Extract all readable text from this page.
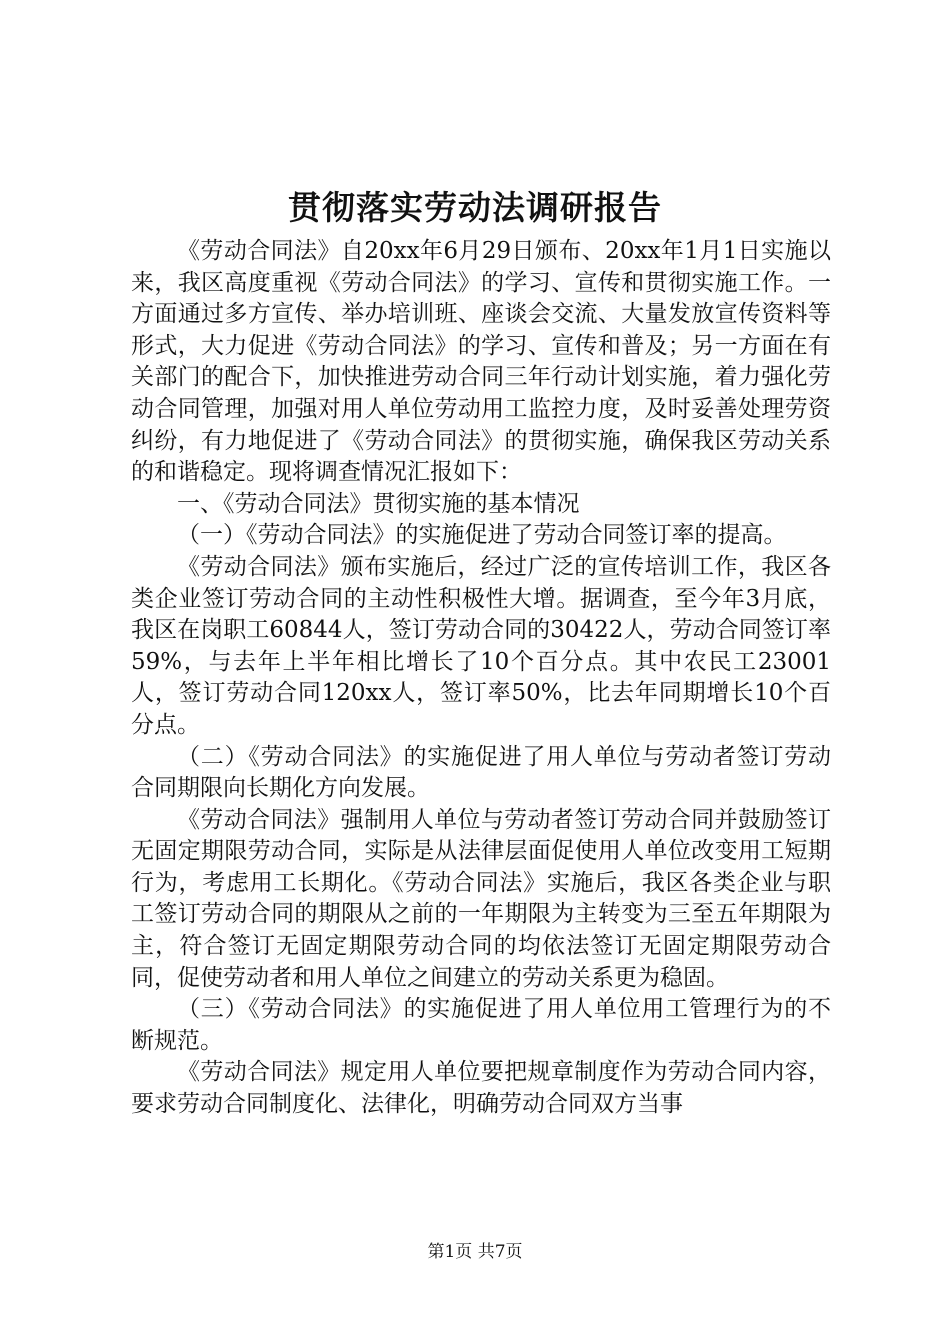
贯彻落实劳动法调研报告

《劳动合同法》自20xx年6月29日颁布、20xx年1月1日实施以来，我区高度重视《劳动合同法》的学习、宣传和贯彻实施工作。一方面通过多方宣传、举办培训班、座谈会交流、大量发放宣传资料等形式，大力促进《劳动合同法》的学习、宣传和普及；另一方面在有关部门的配合下，加快推进劳动合同三年行动计划实施，着力强化劳动合同管理，加强对用人单位劳动用工监控力度，及时妥善处理劳资纠纷，有力地促进了《劳动合同法》的贯彻实施，确保我区劳动关系的和谐稳定。现将调查情况汇报如下：

一、《劳动合同法》贯彻实施的基本情况

（一）《劳动合同法》的实施促进了劳动合同签订率的提高。

《劳动合同法》颁布实施后，经过广泛的宣传培训工作，我区各类企业签订劳动合同的主动性积极性大增。据调查，至今年3月底，我区在岗职工60844人，签订劳动合同的30422人，劳动合同签订率59%，与去年上半年相比增长了10个百分点。其中农民工23001人，签订劳动合同120xx人，签订率50%，比去年同期增长10个百分点。

（二）《劳动合同法》的实施促进了用人单位与劳动者签订劳动合同期限向长期化方向发展。

《劳动合同法》强制用人单位与劳动者签订劳动合同并鼓励签订无固定期限劳动合同，实际是从法律层面促使用人单位改变用工短期行为，考虑用工长期化。《劳动合同法》实施后，我区各类企业与职工签订劳动合同的期限从之前的一年期限为主转变为三至五年期限为主，符合签订无固定期限劳动合同的均依法签订无固定期限劳动合同，促使劳动者和用人单位之间建立的劳动关系更为稳固。

（三）《劳动合同法》的实施促进了用人单位用工管理行为的不断规范。

《劳动合同法》规定用人单位要把规章制度作为劳动合同内容，要求劳动合同制度化、法律化，明确劳动合同双方当事

第1页 共7页
